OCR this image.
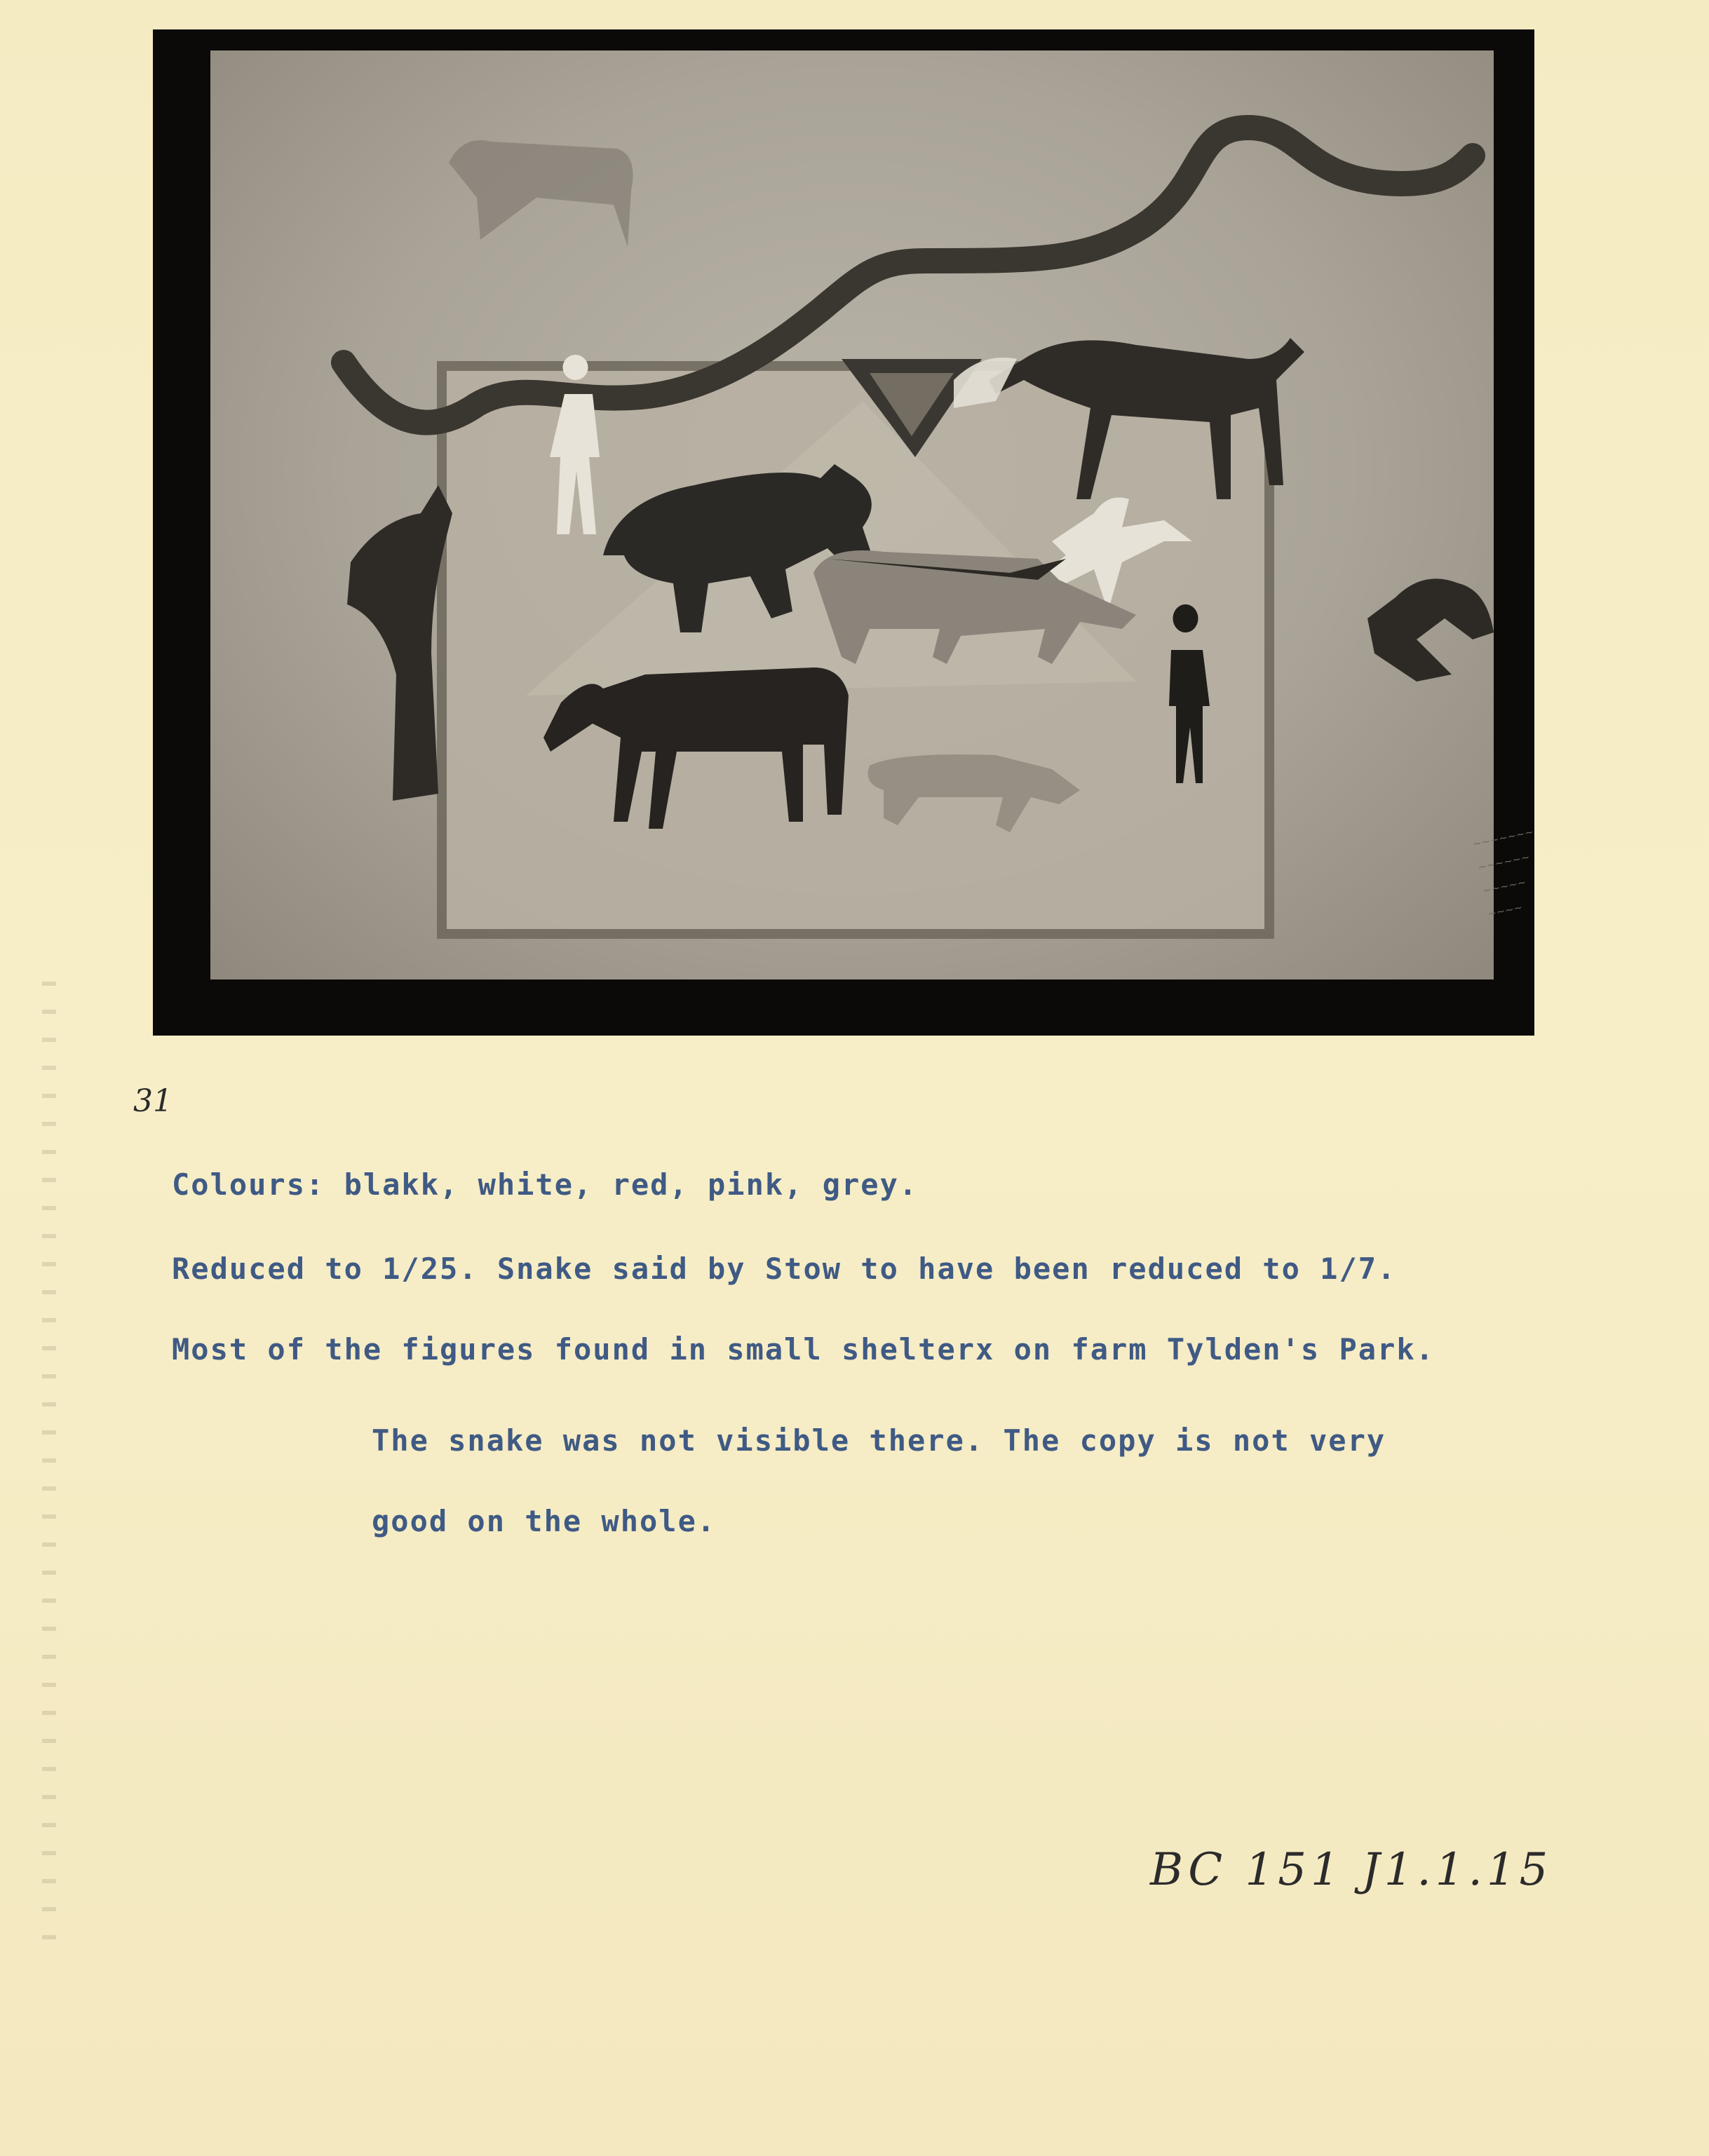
~~~~~~~
~~~~~~
~~~~~
~~~~
31
Colours: blakk, white, red, pink, grey.
Reduced to 1/25. Snake said by Stow to have been reduced to 1/7.
Most of the figures found in small shelterx on farm Tylden's Park.
The snake was not visible there. The copy is not very
good on the whole.
BC 151 J1.1.15
